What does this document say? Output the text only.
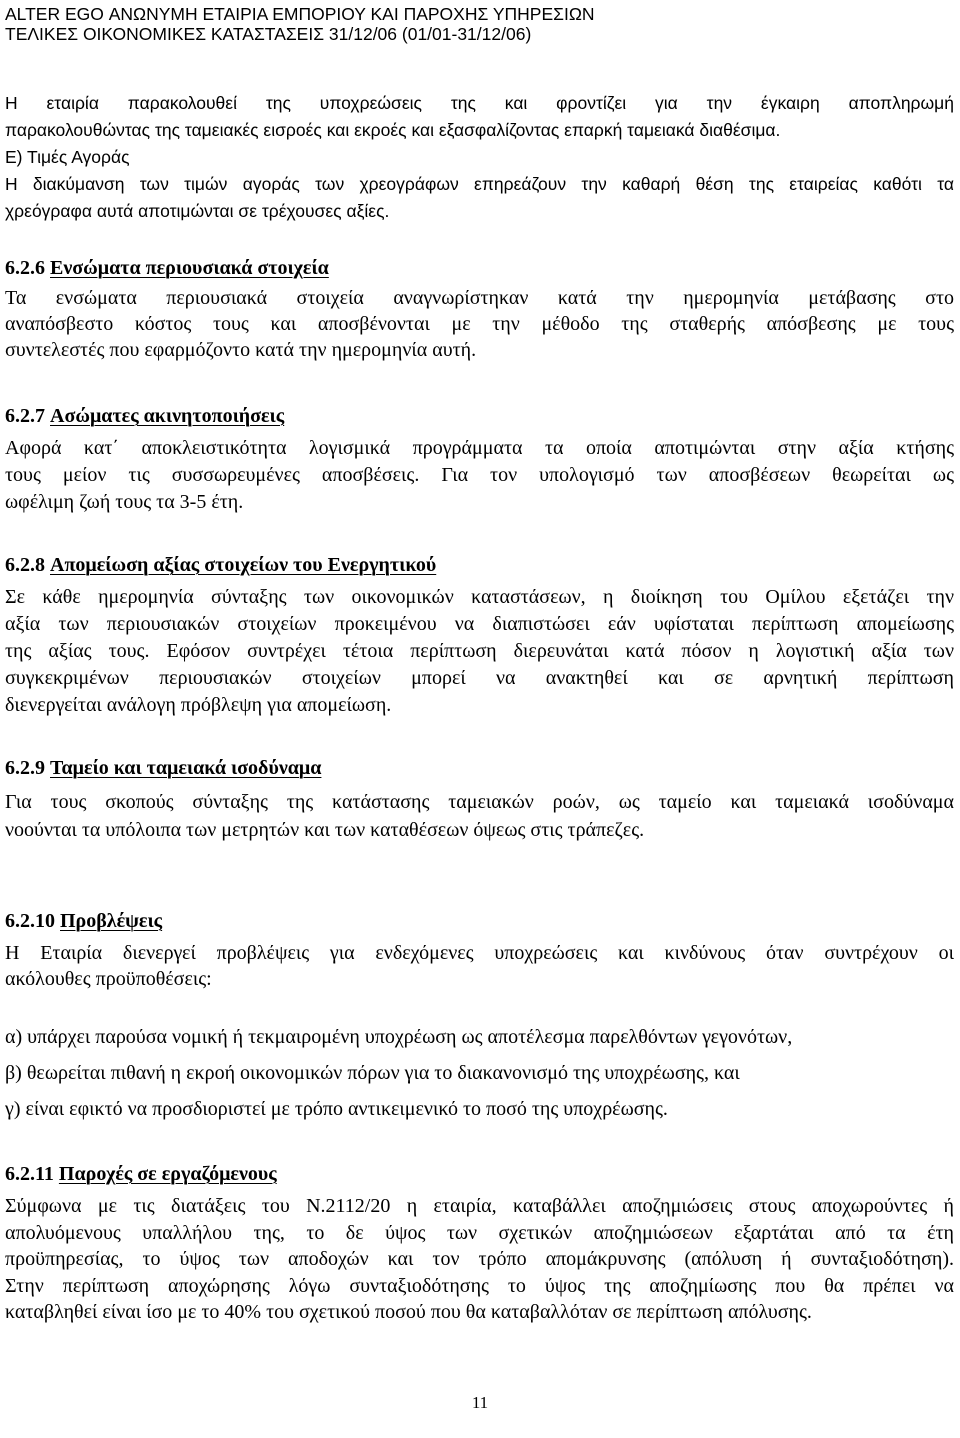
ALTER EGO ΑΝΩΝΥΜΗ ΕΤΑΙΡΙΑ ΕΜΠΟΡΙΟΥ ΚΑΙ ΠΑΡΟΧΗΣ ΥΠΗΡΕΣΙΩΝ
ΤΕΛΙΚΕΣ ΟΙΚΟΝΟΜΙΚΕΣ ΚΑΤΑΣΤΑΣΕΙΣ 31/12/06 (01/01-31/12/06)
Η εταιρία παρακολουθεί της υποχρεώσεις της και φροντίζει για την έγκαιρη αποπληρωμή
παρακολουθώντας της ταμειακές εισροές και εκροές και εξασφαλίζοντας επαρκή ταμειακά διαθέσιμα.
Ε) Τιμές Αγοράς
Η διακύμανση των τιμών αγοράς των χρεογράφων επηρεάζουν την καθαρή θέση της εταιρείας καθότι τα
χρεόγραφα αυτά αποτιμώνται σε τρέχουσες αξίες.
6.2.6 Ενσώματα περιουσιακά στοιχεία
Τα ενσώματα περιουσιακά στοιχεία αναγνωρίστηκαν κατά την ημερομηνία μετάβασης στο
αναπόσβεστο κόστος τους και αποσβένονται με την μέθοδο της σταθερής απόσβεσης με τους
συντελεστές που εφαρμόζοντο κατά την ημερομηνία αυτή.
6.2.7 Ασώματες ακινητοποιήσεις
Αφορά κατ΄ αποκλειστικότητα λογισμικά προγράμματα τα οποία αποτιμώνται στην αξία κτήσης
τους μείον τις συσσωρευμένες αποσβέσεις. Για τον υπολογισμό των αποσβέσεων θεωρείται ως
ωφέλιμη ζωή τους τα 3-5 έτη.
6.2.8 Απομείωση αξίας στοιχείων του Ενεργητικού
Σε κάθε ημερομηνία σύνταξης των οικονομικών καταστάσεων, η διοίκηση του Ομίλου εξετάζει την
αξία των περιουσιακών στοιχείων προκειμένου να διαπιστώσει εάν υφίσταται περίπτωση απομείωσης
της αξίας τους. Εφόσον συντρέχει τέτοια περίπτωση διερευνάται κατά πόσον η λογιστική αξία των
συγκεκριμένων περιουσιακών στοιχείων μπορεί να ανακτηθεί και σε αρνητική περίπτωση
διενεργείται ανάλογη πρόβλεψη για απομείωση.
6.2.9 Ταμείο και ταμειακά ισοδύναμα
Για τους σκοπούς σύνταξης της κατάστασης ταμειακών ροών, ως ταμείο και ταμειακά ισοδύναμα
νοούνται τα υπόλοιπα των μετρητών και των καταθέσεων όψεως στις τράπεζες.
6.2.10 Προβλέψεις
Η Εταιρία διενεργεί προβλέψεις για ενδεχόμενες υποχρεώσεις και κινδύνους όταν συντρέχουν οι
ακόλουθες προϋποθέσεις:
α) υπάρχει παρούσα νομική ή τεκμαιρομένη υποχρέωση ως αποτέλεσμα παρελθόντων γεγονότων,
β) θεωρείται πιθανή η εκροή οικονομικών πόρων για το διακανονισμό της υποχρέωσης, και
γ) είναι εφικτό να προσδιοριστεί με τρόπο αντικειμενικό το ποσό της υποχρέωσης.
6.2.11 Παροχές σε εργαζόμενους
Σύμφωνα με τις διατάξεις του Ν.2112/20 η εταιρία, καταβάλλει αποζημιώσεις στους αποχωρούντες ή
απολυόμενους υπαλλήλου της, το δε ύψος των σχετικών αποζημιώσεων εξαρτάται από τα έτη
προϋπηρεσίας, το ύψος των αποδοχών και τον τρόπο απομάκρυνσης (απόλυση ή συνταξιοδότηση).
Στην περίπτωση αποχώρησης λόγω συνταξιοδότησης το ύψος της αποζημίωσης που θα πρέπει να
καταβληθεί είναι ίσο με το 40% του σχετικού ποσού που θα καταβαλλόταν σε περίπτωση απόλυσης.
11
